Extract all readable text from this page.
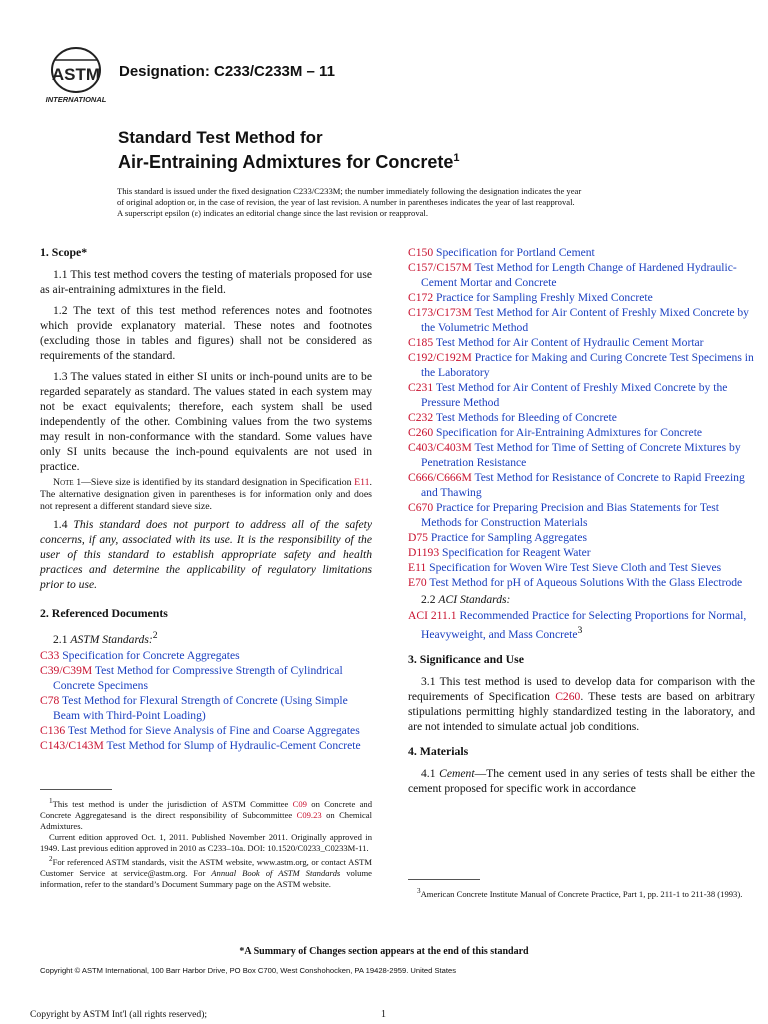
ASTM
INTERNATIONAL
Designation: C233/C233M – 11
Standard Test Method for
Air-Entraining Admixtures for Concrete$^1$
This standard is issued under the fixed designation C233/C233M; the number immediately following the designation indicates the year
of original adoption or, in the case of revision, the year of last revision. A number in parentheses indicates the year of last reapproval.
A superscript epsilon (ε) indicates an editorial change since the last revision or reapproval.
1. Scope*

1.1 This test method covers the testing of materials proposed for use as air-entraining admixtures in the field.

1.2 The text of this test method references notes and footnotes which provide explanatory material. These notes and footnotes (excluding those in tables and figures) shall not be considered as requirements of the standard.

1.3 The values stated in either SI units or inch-pound units are to be regarded separately as standard. The values stated in each system may not be exact equivalents; therefore, each system shall be used independently of the other. Combining values from the two systems may result in non-conformance with the standard. Some values have only SI units because the inch-pound equivalents are not used in practice.

Note 1—Sieve size is identified by its standard designation in Specification E11. The alternative designation given in parentheses is for information only and does not represent a different standard sieve size.

1.4 This standard does not purport to address all of the safety concerns, if any, associated with its use. It is the responsibility of the user of this standard to establish appropriate safety and health practices and determine the applicability of regulatory limitations prior to use.

2. Referenced Documents

2.1 ASTM Standards:$^2$

C33 Specification for Concrete Aggregates

C39/C39M Test Method for Compressive Strength of Cylindrical Concrete Specimens

C78 Test Method for Flexural Strength of Concrete (Using Simple Beam with Third-Point Loading)

C136 Test Method for Sieve Analysis of Fine and Coarse Aggregates

C143/C143M Test Method for Slump of Hydraulic-Cement Concrete

$^1$This test method is under the jurisdiction of ASTM Committee C09 on Concrete and Concrete Aggregatesand is the direct responsibility of Subcommittee C09.23 on Chemical Admixtures.

Current edition approved Oct. 1, 2011. Published November 2011. Originally approved in 1949. Last previous edition approved in 2010 as C233–10a. DOI: 10.1520/C0233_C0233M-11.

$^2$For referenced ASTM standards, visit the ASTM website, www.astm.org, or contact ASTM Customer Service at service@astm.org. For Annual Book of ASTM Standards volume information, refer to the standard’s Document Summary page on the ASTM website.

C150 Specification for Portland Cement

C157/C157M Test Method for Length Change of Hardened Hydraulic-Cement Mortar and Concrete

C172 Practice for Sampling Freshly Mixed Concrete

C173/C173M Test Method for Air Content of Freshly Mixed Concrete by the Volumetric Method

C185 Test Method for Air Content of Hydraulic Cement Mortar

C192/C192M Practice for Making and Curing Concrete Test Specimens in the Laboratory

C231 Test Method for Air Content of Freshly Mixed Concrete by the Pressure Method

C232 Test Methods for Bleeding of Concrete

C260 Specification for Air-Entraining Admixtures for Concrete

C403/C403M Test Method for Time of Setting of Concrete Mixtures by Penetration Resistance

C666/C666M Test Method for Resistance of Concrete to Rapid Freezing and Thawing

C670 Practice for Preparing Precision and Bias Statements for Test Methods for Construction Materials

D75 Practice for Sampling Aggregates

D1193 Specification for Reagent Water

E11 Specification for Woven Wire Test Sieve Cloth and Test Sieves

E70 Test Method for pH of Aqueous Solutions With the Glass Electrode

2.2 ACI Standards:

ACI 211.1 Recommended Practice for Selecting Proportions for Normal, Heavyweight, and Mass Concrete$^3$

3. Significance and Use

3.1 This test method is used to develop data for comparison with the requirements of Specification C260. These tests are based on arbitrary stipulations permitting highly standardized testing in the laboratory, and are not intended to simulate actual job conditions.

4. Materials

4.1 Cement—The cement used in any series of tests shall be either the cement proposed for specific work in accordance

$^3$American Concrete Institute Manual of Concrete Practice, Part 1, pp. 211-1 to 211-38 (1993).

*A Summary of Changes section appears at the end of this standard
Copyright © ASTM International, 100 Barr Harbor Drive, PO Box C700, West Conshohocken, PA 19428-2959. United States
Copyright by ASTM Int'l (all rights reserved);	1
